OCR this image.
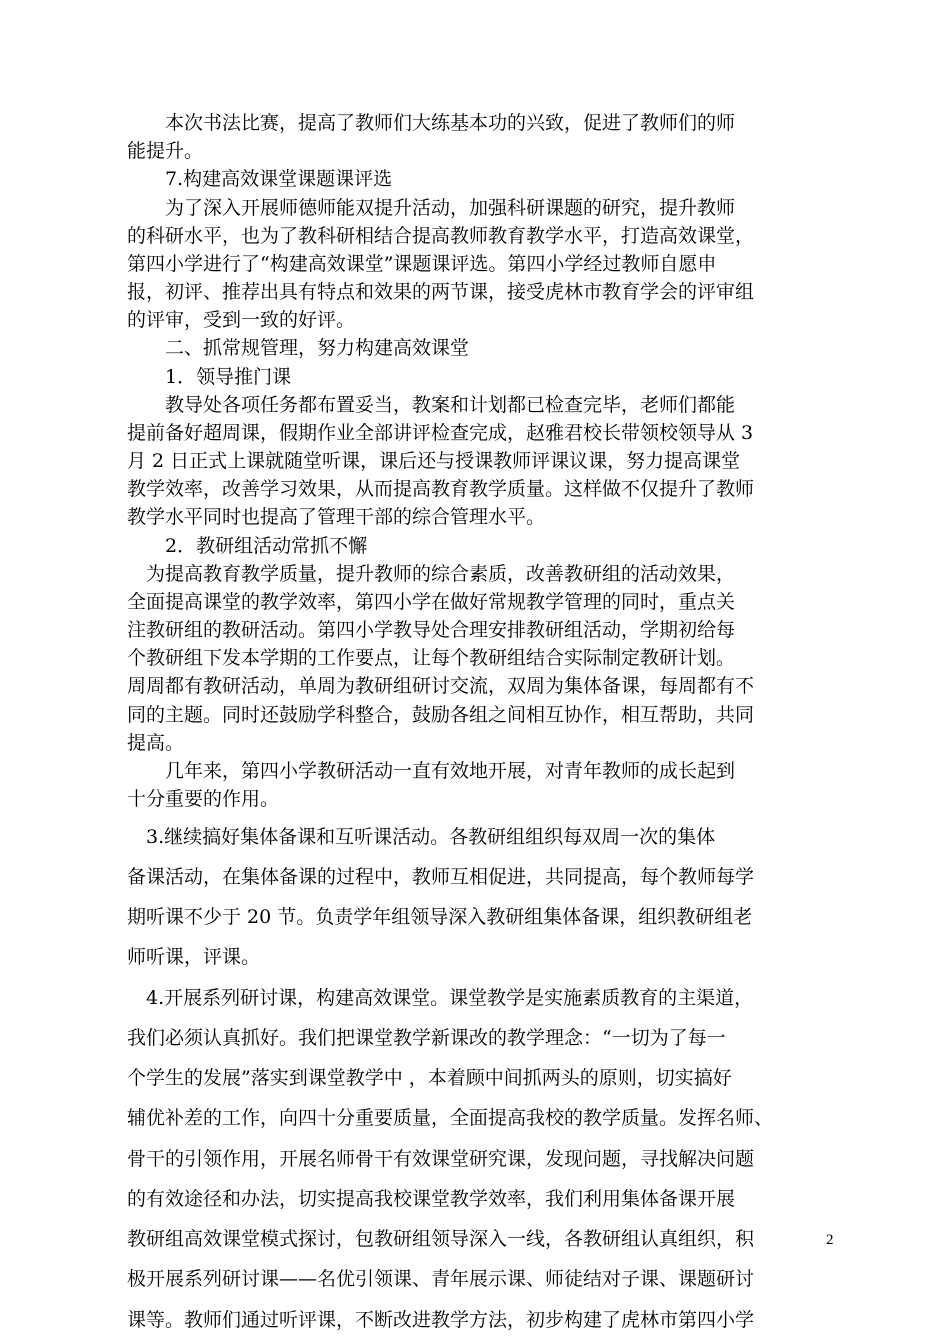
　　本次书法比赛，提高了教师们大练基本功的兴致，促进了教师们的师
能提升。
　　7.构建高效课堂课题课评选
　　为了深入开展师德师能双提升活动，加强科研课题的研究，提升教师
的科研水平，也为了教科研相结合提高教师教育教学水平，打造高效课堂，
第四小学进行了“构建高效课堂”课题课评选。第四小学经过教师自愿申
报，初评、推荐出具有特点和效果的两节课，接受虎林市教育学会的评审组
的评审，受到一致的好评。
　　二、抓常规管理，努力构建高效课堂
　　1．领导推门课
　　教导处各项任务都布置妥当，教案和计划都已检查完毕，老师们都能
提前备好超周课，假期作业全部讲评检查完成，赵雅君校长带领校领导从 3
月 2 日正式上课就随堂听课，课后还与授课教师评课议课，努力提高课堂
教学效率，改善学习效果，从而提高教育教学质量。这样做不仅提升了教师
教学水平同时也提高了管理干部的综合管理水平。
　　2．教研组活动常抓不懈
　为提高教育教学质量，提升教师的综合素质，改善教研组的活动效果，
全面提高课堂的教学效率，第四小学在做好常规教学管理的同时，重点关
注教研组的教研活动。第四小学教导处合理安排教研组活动，学期初给每
个教研组下发本学期的工作要点，让每个教研组结合实际制定教研计划。
周周都有教研活动，单周为教研组研讨交流，双周为集体备课，每周都有不
同的主题。同时还鼓励学科整合，鼓励各组之间相互协作，相互帮助，共同
提高。
　　几年来，第四小学教研活动一直有效地开展，对青年教师的成长起到
十分重要的作用。
　3.继续搞好集体备课和互听课活动。各教研组组织每双周一次的集体
备课活动，在集体备课的过程中，教师互相促进，共同提高，每个教师每学
期听课不少于 20 节。负责学年组领导深入教研组集体备课，组织教研组老
师听课，评课。
　4.开展系列研讨课，构建高效课堂。课堂教学是实施素质教育的主渠道，
我们必须认真抓好。我们把课堂教学新课改的教学理念：“一切为了每一
个学生的发展”落实到课堂教学中 ，本着顾中间抓两头的原则，切实搞好
辅优补差的工作，向四十分重要质量，全面提高我校的教学质量。发挥名师、
骨干的引领作用，开展名师骨干有效课堂研究课，发现问题，寻找解决问题
的有效途径和办法，切实提高我校课堂教学效率，我们利用集体备课开展
教研组高效课堂模式探讨，包教研组领导深入一线，各教研组认真组织，积
极开展系列研讨课——名优引领课、青年展示课、师徒结对子课、课题研讨
课等。教师们通过听评课，不断改进教学方法，初步构建了虎林市第四小学
2
